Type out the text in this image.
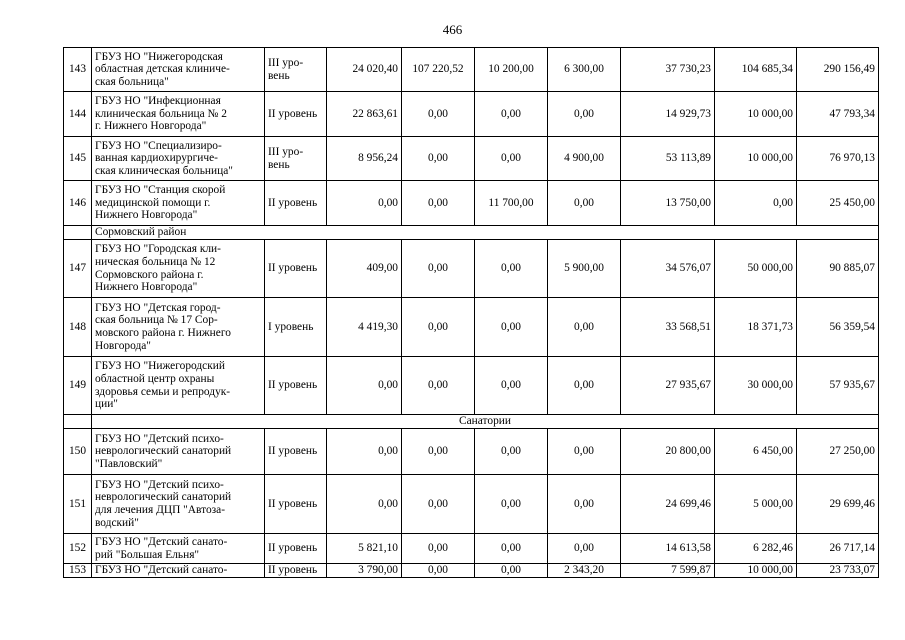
466
143	ГБУЗ НО "Нижегородская
областная детская клиниче-
ская больница"	III уро-
вень	24 020,40	107 220,52	10 200,00	6 300,00	37 730,23	104 685,34	290 156,49
144	ГБУЗ НО "Инфекционная
клиническая больница № 2
г. Нижнего Новгорода"	II уровень	22 863,61	0,00	0,00	0,00	14 929,73	10 000,00	47 793,34
145	ГБУЗ НО "Специализиро-
ванная кардиохирургиче-
ская клиническая больница"	III уро-
вень	8 956,24	0,00	0,00	4 900,00	53 113,89	10 000,00	76 970,13
146	ГБУЗ НО "Станция скорой
медицинской помощи г.
Нижнего Новгорода"	II уровень	0,00	0,00	11 700,00	0,00	13 750,00	0,00	25 450,00
	Сормовский район								
147	ГБУЗ НО "Городская кли-
ническая больница № 12
Сормовского района г.
Нижнего Новгорода"	II уровень	409,00	0,00	0,00	5 900,00	34 576,07	50 000,00	90 885,07
148	ГБУЗ НО "Детская город-
ская больница № 17 Сор-
мовского района г. Нижнего
Новгорода"	I уровень	4 419,30	0,00	0,00	0,00	33 568,51	18 371,73	56 359,54
149	ГБУЗ НО "Нижегородский
областной центр охраны
здоровья семьи и репродук-
ции"	II уровень	0,00	0,00	0,00	0,00	27 935,67	30 000,00	57 935,67
	Санатории								
150	ГБУЗ НО "Детский психо-
неврологический санаторий
"Павловский"	II уровень	0,00	0,00	0,00	0,00	20 800,00	6 450,00	27 250,00
151	ГБУЗ НО "Детский психо-
неврологический санаторий
для лечения ДЦП "Автоза-
водский"	II уровень	0,00	0,00	0,00	0,00	24 699,46	5 000,00	29 699,46
152	ГБУЗ НО "Детский санато-
рий "Большая Ельня"	II уровень	5 821,10	0,00	0,00	0,00	14 613,58	6 282,46	26 717,14
153	ГБУЗ НО "Детский санато-	II уровень	3 790,00	0,00	0,00	2 343,20	7 599,87	10 000,00	23 733,07
